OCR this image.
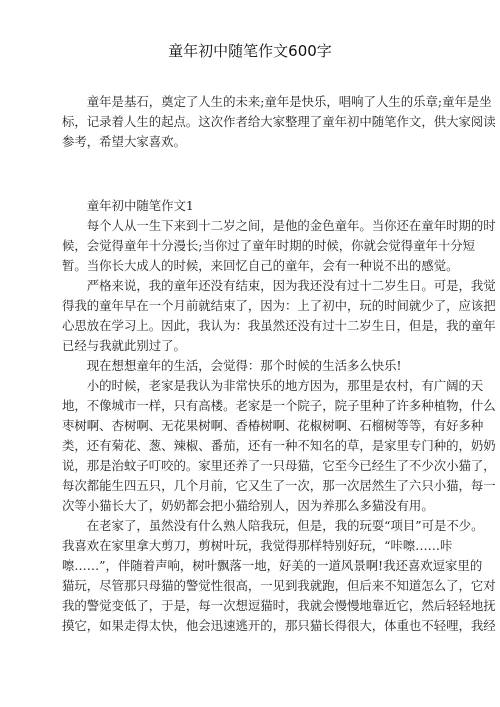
童年初中随笔作文600字
　　童年是基石，奠定了人生的未来;童年是快乐，唱响了人生的乐章;童年是坐
标，记录着人生的起点。这次作者给大家整理了童年初中随笔作文，供大家阅读
参考，希望大家喜欢。
　　童年初中随笔作文1
　　每个人从一生下来到十二岁之间，是他的金色童年。当你还在童年时期的时
候，会觉得童年十分漫长;当你过了童年时期的时候，你就会觉得童年十分短
暂。当你长大成人的时候，来回忆自己的童年，会有一种说不出的感觉。
　　严格来说，我的童年还没有结束，因为我还没有过十二岁生日。可是，我觉
得我的童年早在一个月前就结束了，因为：上了初中，玩的时间就少了，应该把
心思放在学习上。因此，我认为：我虽然还没有过十二岁生日，但是，我的童年
已经与我就此别过了。
　　现在想想童年的生活，会觉得：那个时候的生活多么快乐!
　　小的时候，老家是我认为非常快乐的地方因为，那里是农村，有广阔的天
地，不像城市一样，只有高楼。老家是一个院子，院子里种了许多种植物，什么
枣树啊、杏树啊、无花果树啊、香椿树啊、花椒树啊、石榴树等等，有好多种
类，还有菊花、葱、辣椒、番茄，还有一种不知名的草，是家里专门种的，奶奶
说，那是治蚊子叮咬的。家里还养了一只母猫，它至今已经生了不少次小猫了，
每次都能生四五只，几个月前，它又生了一次，那一次居然生了六只小猫，每一
次等小猫长大了，奶奶都会把小猫给别人，因为养那么多猫没有用。
　　在老家了，虽然没有什么熟人陪我玩，但是，我的玩耍“项目”可是不少。
我喜欢在家里拿大剪刀，剪树叶玩，我觉得那样特别好玩，“咔嚓……咔
嚓……”，伴随着声响，树叶飘落一地，好美的一道风景啊!我还喜欢逗家里的
猫玩，尽管那只母猫的警觉性很高，一见到我就跑，但后来不知道怎么了，它对
我的警觉变低了，于是，每一次想逗猫时，我就会慢慢地靠近它，然后轻轻地抚
摸它，如果走得太快，他会迅速逃开的，那只猫长得很大，体重也不轻哩，我经
